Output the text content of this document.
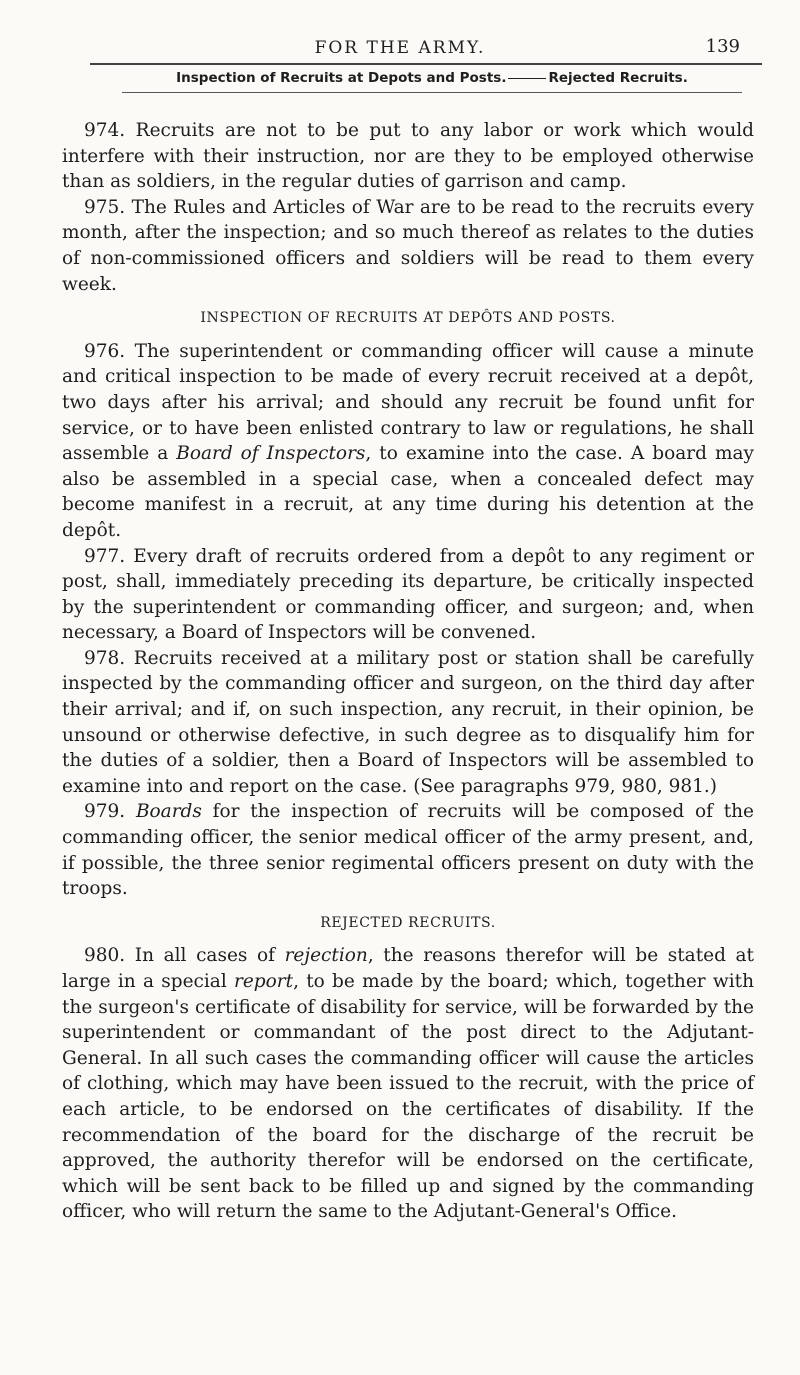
FOR THE ARMY.	139
Inspection of Recruits at Depots and Posts.	Rejected Recruits.

974. Recruits are not to be put to any labor or work which would interfere with their instruction, nor are they to be employed otherwise than as soldiers, in the regular duties of garrison and camp.

975. The Rules and Articles of War are to be read to the recruits every month, after the inspection; and so much thereof as relates to the duties of non-commissioned officers and soldiers will be read to them every week.

INSPECTION OF RECRUITS AT DEPÔTS AND POSTS.

976. The superintendent or commanding officer will cause a minute and critical inspection to be made of every recruit received at a depôt, two days after his arrival; and should any recruit be found unfit for service, or to have been enlisted contrary to law or regulations, he shall assemble a Board of Inspectors, to examine into the case. A board may also be assembled in a special case, when a concealed defect may become manifest in a recruit, at any time during his detention at the depôt.

977. Every draft of recruits ordered from a depôt to any regiment or post, shall, immediately preceding its departure, be critically inspected by the superintendent or commanding officer, and surgeon; and, when necessary, a Board of Inspectors will be convened.

978. Recruits received at a military post or station shall be carefully inspected by the commanding officer and surgeon, on the third day after their arrival; and if, on such inspection, any recruit, in their opinion, be unsound or otherwise defective, in such degree as to disqualify him for the duties of a soldier, then a Board of Inspectors will be assembled to examine into and report on the case. (See paragraphs 979, 980, 981.)

979. Boards for the inspection of recruits will be composed of the commanding officer, the senior medical officer of the army present, and, if possible, the three senior regimental officers present on duty with the troops.

REJECTED RECRUITS.

980. In all cases of rejection, the reasons therefor will be stated at large in a special report, to be made by the board; which, together with the surgeon's certificate of disability for service, will be forwarded by the superintendent or commandant of the post direct to the Adjutant-General. In all such cases the commanding officer will cause the articles of clothing, which may have been issued to the recruit, with the price of each article, to be endorsed on the certificates of disability. If the recommendation of the board for the discharge of the recruit be approved, the authority therefor will be endorsed on the certificate, which will be sent back to be filled up and signed by the commanding officer, who will return the same to the Adjutant-General's Office.
